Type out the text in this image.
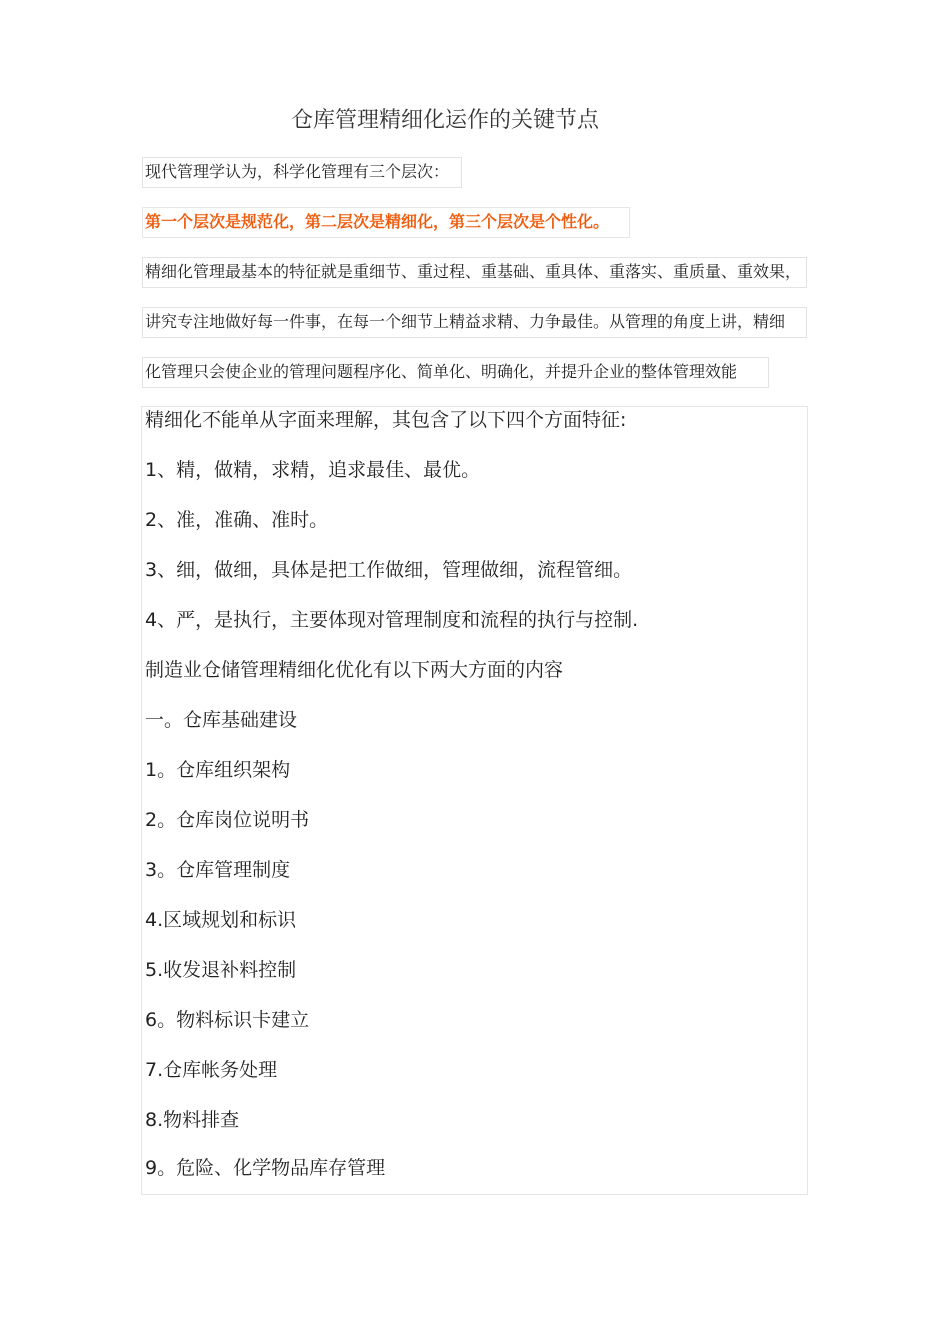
仓库管理精细化运作的关键节点
现代管理学认为，科学化管理有三个层次：
第一个层次是规范化，第二层次是精细化，第三个层次是个性化。
精细化管理最基本的特征就是重细节、重过程、重基础、重具体、重落实、重质量、重效果，
讲究专注地做好每一件事，在每一个细节上精益求精、力争最佳。从管理的角度上讲，精细
化管理只会使企业的管理问题程序化、简单化、明确化，并提升企业的整体管理效能
精细化不能单从字面来理解，其包含了以下四个方面特征:
1、精，做精，求精，追求最佳、最优。
2、准，准确、准时。
3、细，做细，具体是把工作做细，管理做细，流程管细。
4、严，是执行，主要体现对管理制度和流程的执行与控制.
制造业仓储管理精细化优化有以下两大方面的内容
一。仓库基础建设
1。仓库组织架构
2。仓库岗位说明书
3。仓库管理制度
4.区域规划和标识
5.收发退补料控制
6。物料标识卡建立
7.仓库帐务处理
8.物料排查
9。危险、化学物品库存管理
